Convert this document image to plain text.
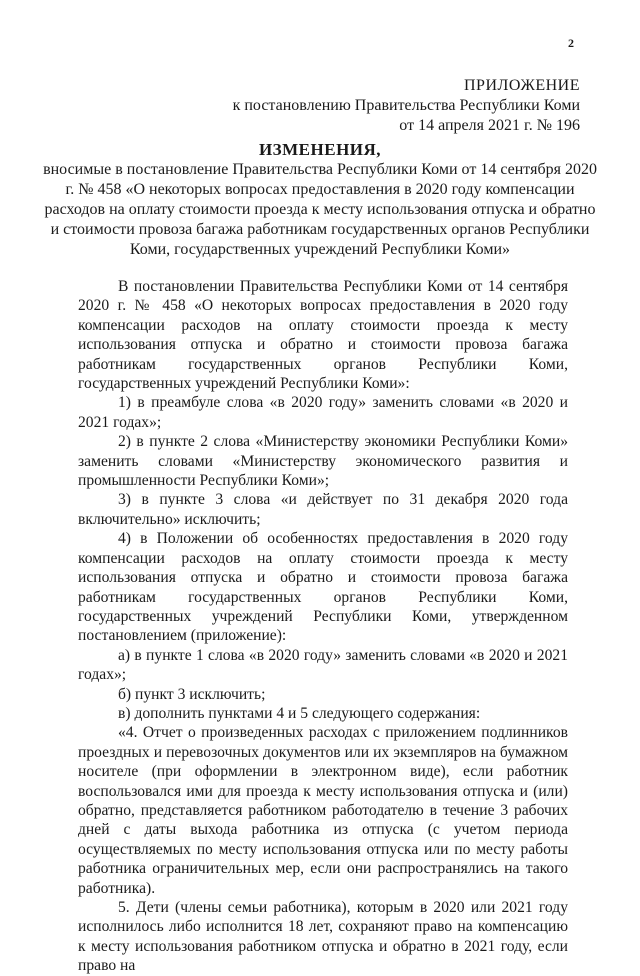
2
ПРИЛОЖЕНИЕ
к постановлению Правительства Республики Коми
от 14 апреля 2021 г. № 196
ИЗМЕНЕНИЯ,
вносимые в постановление Правительства Республики Коми от 14 сентября 2020 г. № 458 «О некоторых вопросах предоставления в 2020 году компенсации расходов на оплату стоимости проезда к месту использования отпуска и обратно и стоимости провоза багажа работникам государственных органов Республики Коми, государственных учреждений Республики Коми»

В постановлении Правительства Республики Коми от 14 сентября 2020 г. № 458 «О некоторых вопросах предоставления в 2020 году компенсации расходов на оплату стоимости проезда к месту использования отпуска и обратно и стоимости провоза багажа работникам государственных органов Республики Коми, государственных учреждений Республики Коми»:

1) в преамбуле слова «в 2020 году» заменить словами «в 2020 и 2021 годах»;

2) в пункте 2 слова «Министерству экономики Республики Коми» заменить словами «Министерству экономического развития и промышленности Республики Коми»;

3) в пункте 3 слова «и действует по 31 декабря 2020 года включительно» исключить;

4) в Положении об особенностях предоставления в 2020 году компенсации расходов на оплату стоимости проезда к месту использования отпуска и обратно и стоимости провоза багажа работникам государственных органов Республики Коми, государственных учреждений Республики Коми, утвержденном постановлением (приложение):

а) в пункте 1 слова «в 2020 году» заменить словами «в 2020 и 2021 годах»;

б) пункт 3 исключить;

в) дополнить пунктами 4 и 5 следующего содержания:

«4. Отчет о произведенных расходах с приложением подлинников проездных и перевозочных документов или их экземпляров на бумажном носителе (при оформлении в электронном виде), если работник воспользовался ими для проезда к месту использования отпуска и (или) обратно, представляется работником работодателю в течение 3 рабочих дней с даты выхода работника из отпуска (с учетом периода осуществляемых по месту использования отпуска или по месту работы работника ограничительных мер, если они распространялись на такого работника).

5. Дети (члены семьи работника), которым в 2020 или 2021 году исполнилось либо исполнится 18 лет, сохраняют право на компенсацию к месту использования работником отпуска и обратно в 2021 году, если право на
